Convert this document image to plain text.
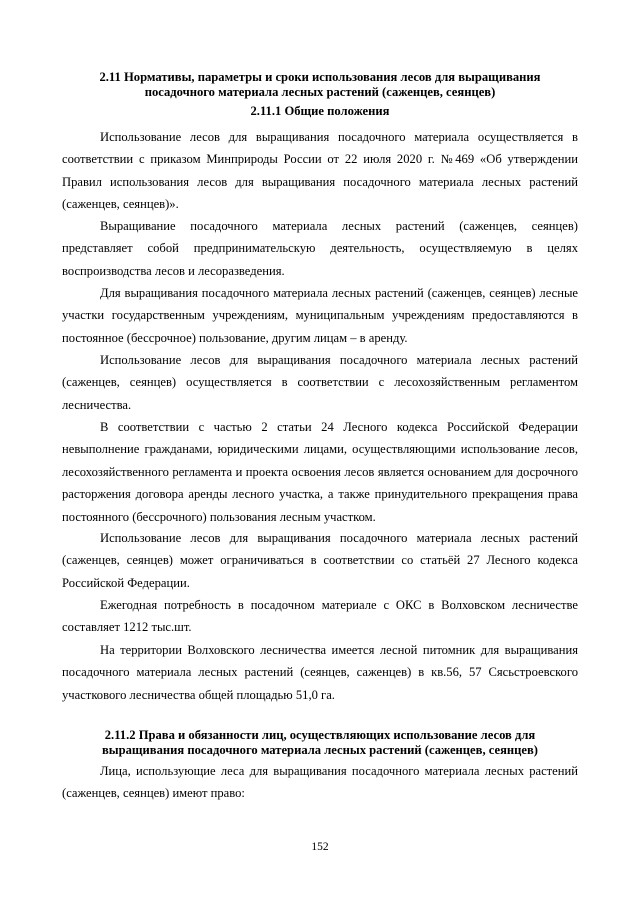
2.11 Нормативы, параметры и сроки использования лесов для выращивания
посадочного материала лесных растений (саженцев, сеянцев)
2.11.1 Общие положения

Использование лесов для выращивания посадочного материала осуществляется в соответствии с приказом Минприроды России от 22 июля 2020 г. №469 «Об утверждении Правил использования лесов для выращивания посадочного материала лесных растений (саженцев, сеянцев)».

Выращивание посадочного материала лесных растений (саженцев, сеянцев) представляет собой предпринимательскую деятельность, осуществляемую в целях воспроизводства лесов и лесоразведения.

Для выращивания посадочного материала лесных растений (саженцев, сеянцев) лесные участки государственным учреждениям, муниципальным учреждениям предоставляются в постоянное (бессрочное) пользование, другим лицам – в аренду.

Использование лесов для выращивания посадочного материала лесных растений (саженцев, сеянцев) осуществляется в соответствии с лесохозяйственным регламентом лесничества.

В соответствии с частью 2 статьи 24 Лесного кодекса Российской Федерации невыполнение гражданами, юридическими лицами, осуществляющими использование лесов, лесохозяйственного регламента и проекта освоения лесов является основанием для досрочного расторжения договора аренды лесного участка, а также принудительного прекращения права постоянного (бессрочного) пользования лесным участком.

Использование лесов для выращивания посадочного материала лесных растений (саженцев, сеянцев) может ограничиваться в соответствии со статьёй 27 Лесного кодекса Российской Федерации.

Ежегодная потребность в посадочном материале с ОКС в Волховском лесничестве составляет 1212 тыс.шт.

На территории Волховского лесничества имеется лесной питомник для выращивания посадочного материала лесных растений (сеянцев, саженцев) в кв.56, 57 Сясьстроевского участкового лесничества общей площадью 51,0 га.

2.11.2 Права и обязанности лиц, осуществляющих использование лесов для
выращивания посадочного материала лесных растений (саженцев, сеянцев)

Лица, использующие леса для выращивания посадочного материала лесных растений (саженцев, сеянцев) имеют право:

152
